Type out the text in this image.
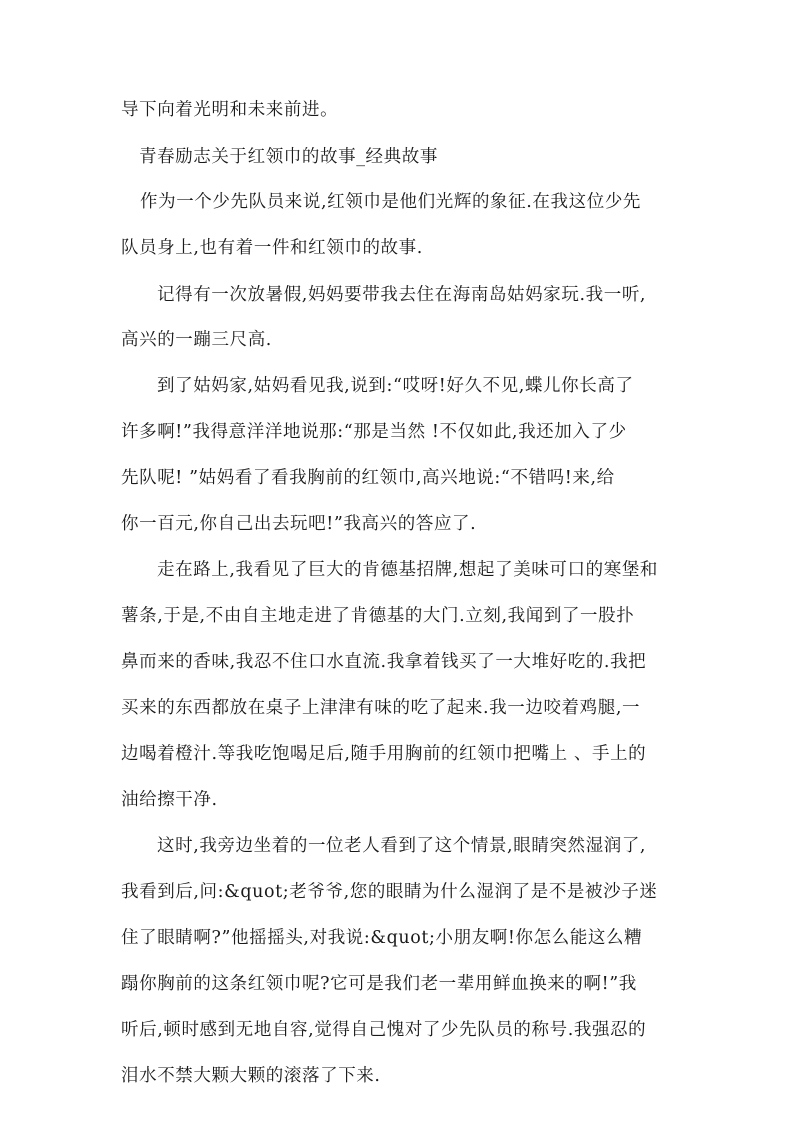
导下向着光明和未来前进。
青春励志关于红领巾的故事_经典故事
作为一个少先队员来说,红领巾是他们光辉的象征.在我这位少先
队员身上,也有着一件和红领巾的故事.
记得有一次放暑假,妈妈要带我去住在海南岛姑妈家玩.我一听,
高兴的一蹦三尺高.
到了姑妈家,姑妈看见我,说到:“哎呀!好久不见,蝶儿你长高了
许多啊!”我得意洋洋地说那:“那是当然 !不仅如此,我还加入了少
先队呢! ”姑妈看了看我胸前的红领巾,高兴地说:“不错吗!来,给
你一百元,你自己出去玩吧!”我高兴的答应了.
走在路上,我看见了巨大的肯德基招牌,想起了美味可口的寒堡和
薯条,于是,不由自主地走进了肯德基的大门.立刻,我闻到了一股扑
鼻而来的香味,我忍不住口水直流.我拿着钱买了一大堆好吃的.我把
买来的东西都放在桌子上津津有味的吃了起来.我一边咬着鸡腿,一
边喝着橙汁.等我吃饱喝足后,随手用胸前的红领巾把嘴上 、手上的
油给擦干净.
这时,我旁边坐着的一位老人看到了这个情景,眼睛突然湿润了,
我看到后,问:&quot;老爷爷,您的眼睛为什么湿润了是不是被沙子迷
住了眼睛啊?”他摇摇头,对我说:&quot;小朋友啊!你怎么能这么糟
蹋你胸前的这条红领巾呢?它可是我们老一辈用鲜血换来的啊!”我
听后,顿时感到无地自容,觉得自己愧对了少先队员的称号.我强忍的
泪水不禁大颗大颗的滚落了下来.
